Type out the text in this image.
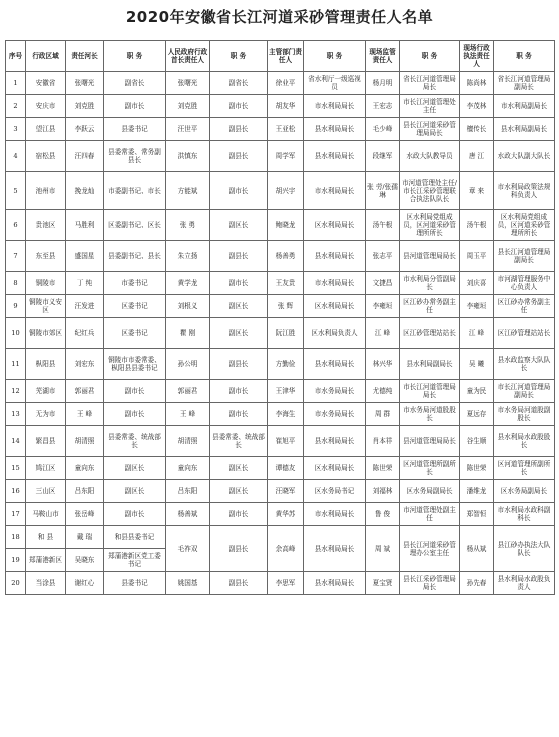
2020年安徽省长江河道采砂管理责任人名单
序号	行政区域	责任河长	职 务	人民政府行政首长责任人	职 务	主管部门责任人	职 务	现场监管责任人	职 务	现场行政执法责任人	职 务
1	安徽省	张曙光	副省长	张曙光	副省长	徐业平	省水利厅一级巡视员	杨月明	省长江河道管理局局长	陈尚林	省长江河道管理局副局长
2	安庆市	刘克胜	副市长	刘克胜	副市长	胡友华	市水利局局长	王宏志	市长江河道管理处主任	李茂林	市水利局副局长
3	望江县	李跃云	县委书记	汪世平	副县长	王亚松	县水利局局长	毛少峰	县长江河道采砂管理局局长	檀传长	县水利局副局长
4	宿松县	汪四春	县委常委、常务副县长	洪慎东	副县长	周学军	县水利局局长	段继军	水政大队教导员	唐 江	水政大队副大队长
5	池州市	挽龙灿	市委副书记、市长	方能斌	副市长	胡兴宇	市水利局局长	张 劳/张孺琳	市河道管理处主任/市长江采砂管理联合执法队队长	章 来	市水利局政策法规科负责人
6	贵池区	马胜利	区委副书记、区长	张 勇	副区长	鲍晓龙	区水利局局长	汤午根	区水利局党组成员，区河道采砂管理所所长	汤午根	区水利局党组成员，区河道采砂管理所所长
7	东至县	盛国星	县委副书记、县长	朱立扬	副县长	杨善勇	县水利局局长	张志平	县河道管理局局长	周玉平	县长江河道管理局副局长
8	铜陵市	丁 纯	市委书记	黄学龙	副市长	王友贵	市水利局局长	文捷昌	市水利局分管副局长	刘庆喜	市河湖管理服务中心负责人
9	铜陵市义安区	汪发进	区委书记	刘根义	副区长	张 辉	区水利局局长	李雍垣	区江砂办常务副主任	李雍垣	区江砂办常务副主任
10	铜陵市郊区	纪红兵	区委书记	瞿 刚	副区长	阮江胜	区水利局负责人	江 峰	区江砂管理站站长	江 峰	区江砂管理站站长
11	枞阳县	刘宏东	铜陵市市委常委、枞阳县县委书记	孙公明	副县长	方勤俭	县水利局局长	林兴华	县水利局副局长	吴 曦	县水政监察大队队长
12	芜湖市	郭丽君	副市长	郭丽君	副市长	王津华	市水务局局长	尤德纯	市长江河道管理局局长	童为民	市长江河道管理局副局长
13	无为市	王 峰	副市长	王 峰	副市长	李海生	市水务局局长	周 群	市水务局河道股股长	夏远存	市水务局河道股副股长
14	繁昌县	胡清照	县委常委、统战部长	胡清照	县委常委、统战部长	崔旭平	县水利局局长	肖本祥	县河道管理局局长	谷生顺	县水利局水政股股长
15	鸠江区	童向东	副区长	童向东	副区长	谭德友	区水利局局长	陈世荣	区河道管理所副所长	陈世荣	区河道管理所副所长
16	三山区	吕东阳	副区长	吕东阳	副区长	汪晓军	区水务局书记	刘福林	区水务局副局长	潘维龙	区水务局副局长
17	马鞍山市	张岳峰	副市长	杨善斌	副市长	黄华苏	市水利局局长	鲁 俊	市河道管理处副主任	郑智恒	市水利局水政科副科长
18	和 县	戴 瑞	和县县委书记	毛祚双	副县长	余高峰	县水利局局长	周 斌	县长江河道采砂管理办公室主任	杨从斌	县江砂办执法大队队长
19	郑蒲港新区	吴晓东	郑蒲港新区党工委书记								
20	当涂县	谢红心	县委书记	姚国基	副县长	李思军	县水利局局长	夏宝贤	县长江采砂管理局局长	孙先春	县水利局水政股负责人
